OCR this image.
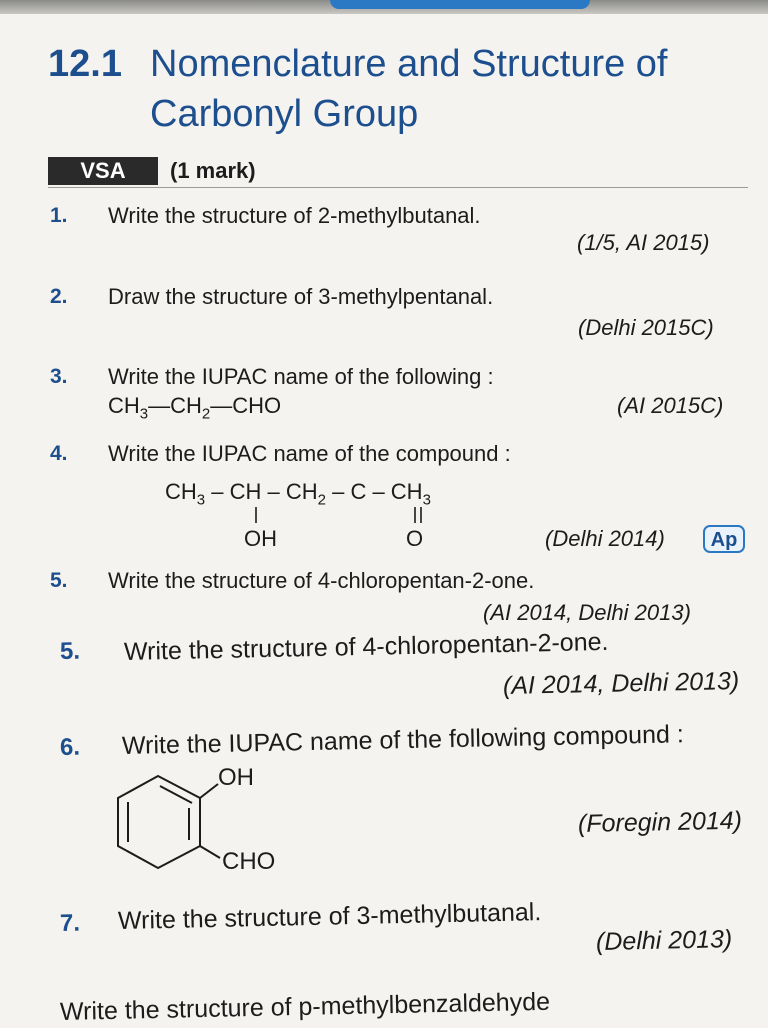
12.1 Nomenclature and Structure of
Carbonyl Group
VSA	(1 mark)
1. Write the structure of 2-methylbutanal.
(1/5, AI 2015)
2. Draw the structure of 3-methylpentanal.
(Delhi 2015C)
3. Write the IUPAC name of the following :
$CH_3—CH_2—CHO$	(AI 2015C)
4. Write the IUPAC name of the compound :
$CH_3$ – CH – $CH_2$ – C – $CH_3$
OH	O	(Delhi 2014)	Ap
5. Write the structure of 4-chloropentan-2-one.
(AI 2014, Delhi 2013)
5. Write the structure of 4-chloropentan-2-one.
(AI 2014, Delhi 2013)
6. Write the IUPAC name of the following compound :
OH
CHO
(Foregin 2014)
7. Write the structure of 3-methylbutanal.
(Delhi 2013)
Write the structure of p-methylbenzaldehyde
